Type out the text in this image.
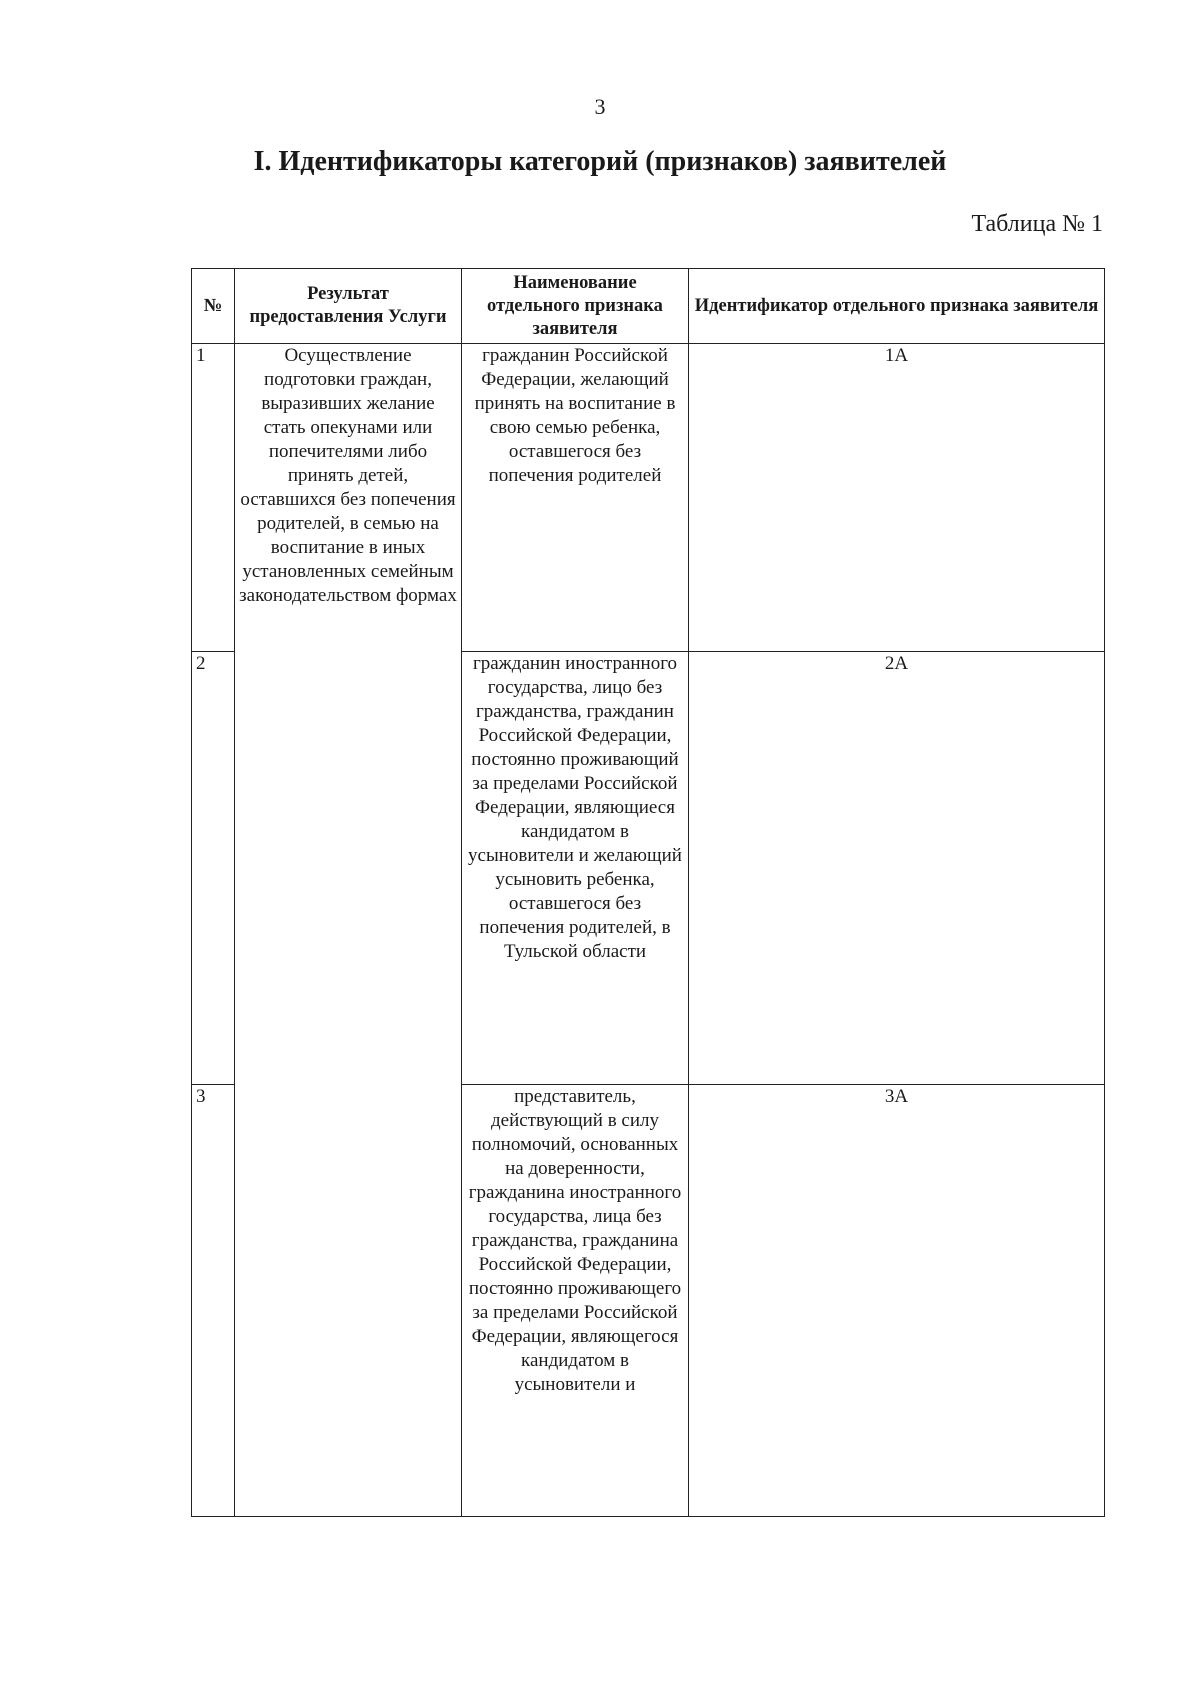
3
I. Идентификаторы категорий (признаков) заявителей
Таблица № 1
№	Результат предоставления Услуги	Наименование отдельного признака заявителя	Идентификатор отдельного признака заявителя
1	Осуществление подготовки граждан, выразивших желание стать опекунами или попечителями либо принять детей, оставшихся без попечения родителей, в семью на воспитание в иных установленных семейным законодательством формах	гражданин Российской Федерации, желающий принять на воспитание в свою семью ребенка, оставшегося без попечения родителей	1А
2		гражданин иностранного государства, лицо без гражданства, гражданин Российской Федерации, постоянно проживающий за пределами Российской Федерации, являющиеся кандидатом в усыновители и желающий усыновить ребенка, оставшегося без попечения родителей, в Тульской области	2А
3		представитель, действующий в силу полномочий, основанных на доверенности, гражданина иностранного государства, лица без гражданства, гражданина Российской Федерации, постоянно проживающего за пределами Российской Федерации, являющегося кандидатом в усыновители и	3А
